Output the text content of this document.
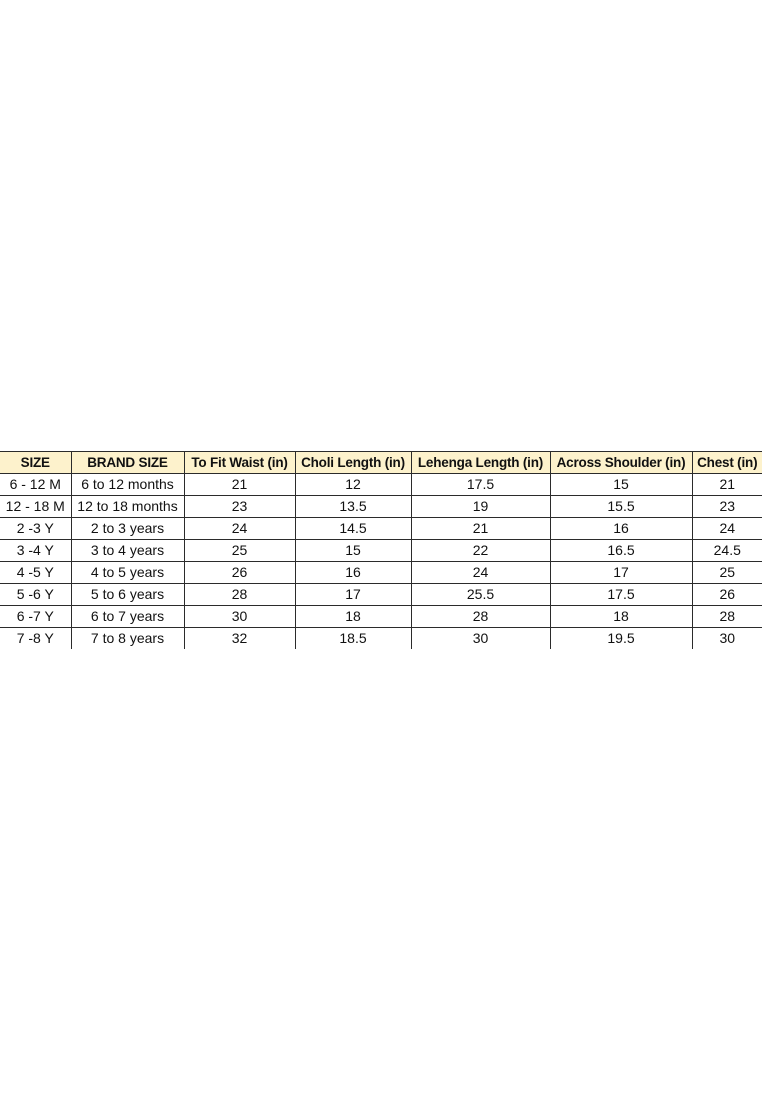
SIZE	BRAND SIZE	To Fit Waist (in)	Choli Length (in)	Lehenga Length (in)	Across Shoulder (in)	Chest (in)
6 - 12 M	6 to 12 months	21	12	17.5	15	21
12 - 18 M	12 to 18 months	23	13.5	19	15.5	23
2 -3 Y	2 to 3 years	24	14.5	21	16	24
3 -4 Y	3 to 4 years	25	15	22	16.5	24.5
4 -5 Y	4 to 5 years	26	16	24	17	25
5 -6 Y	5 to 6 years	28	17	25.5	17.5	26
6 -7 Y	6 to 7 years	30	18	28	18	28
7 -8 Y	7 to 8 years	32	18.5	30	19.5	30
